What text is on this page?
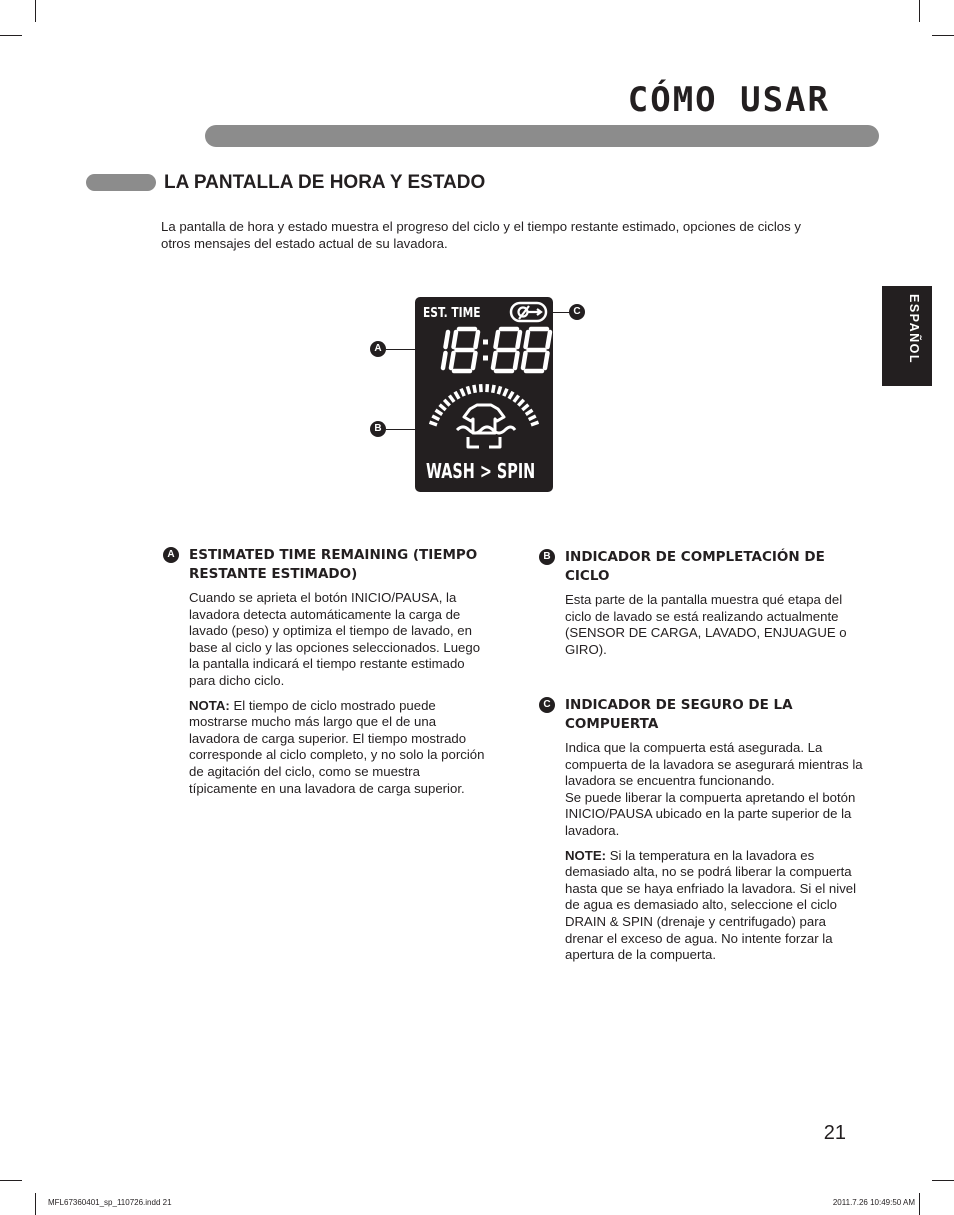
CÓMO USAR
LA PANTALLA DE HORA Y ESTADO

La pantalla de hora y estado muestra el progreso del ciclo y el tiempo restante estimado, opciones de ciclos y otros mensajes del estado actual de su lavadora.

ESPAÑOL
EST. TIME
WASH > SPIN
A
B
C
A	ESTIMATED TIME REMAINING (TIEMPO RESTANTE ESTIMADO)

Cuando se aprieta el botón INICIO/PAUSA, la lavadora detecta automáticamente la carga de lavado (peso) y optimiza el tiempo de lavado, en base al ciclo y las opciones seleccionados. Luego la pantalla indicará el tiempo restante estimado para dicho ciclo.

NOTA: El tiempo de ciclo mostrado puede mostrarse mucho más largo que el de una lavadora de carga superior. El tiempo mostrado corresponde al ciclo completo, y no solo la porción de agitación del ciclo, como se muestra típicamente en una lavadora de carga superior.

B	INDICADOR DE COMPLETACIÓN DE CICLO

Esta parte de la pantalla muestra qué etapa del ciclo de lavado se está realizando actualmente (SENSOR DE CARGA, LAVADO, ENJUAGUE o GIRO).

C	INDICADOR DE SEGURO DE LA COMPUERTA

Indica que la compuerta está asegurada. La compuerta de la lavadora se asegurará mientras la lavadora se encuentra funcionando.

Se puede liberar la compuerta apretando el botón INICIO/PAUSA ubicado en la parte superior de la lavadora.

NOTE: Si la temperatura en la lavadora es demasiado alta, no se podrá liberar la compuerta hasta que se haya enfriado la lavadora. Si el nivel de agua es demasiado alto, seleccione el ciclo DRAIN & SPIN (drenaje y centrifugado) para drenar el exceso de agua. No intente forzar la apertura de la compuerta.

21
MFL67360401_sp_110726.indd 21	2011.7.26 10:49:50 AM
